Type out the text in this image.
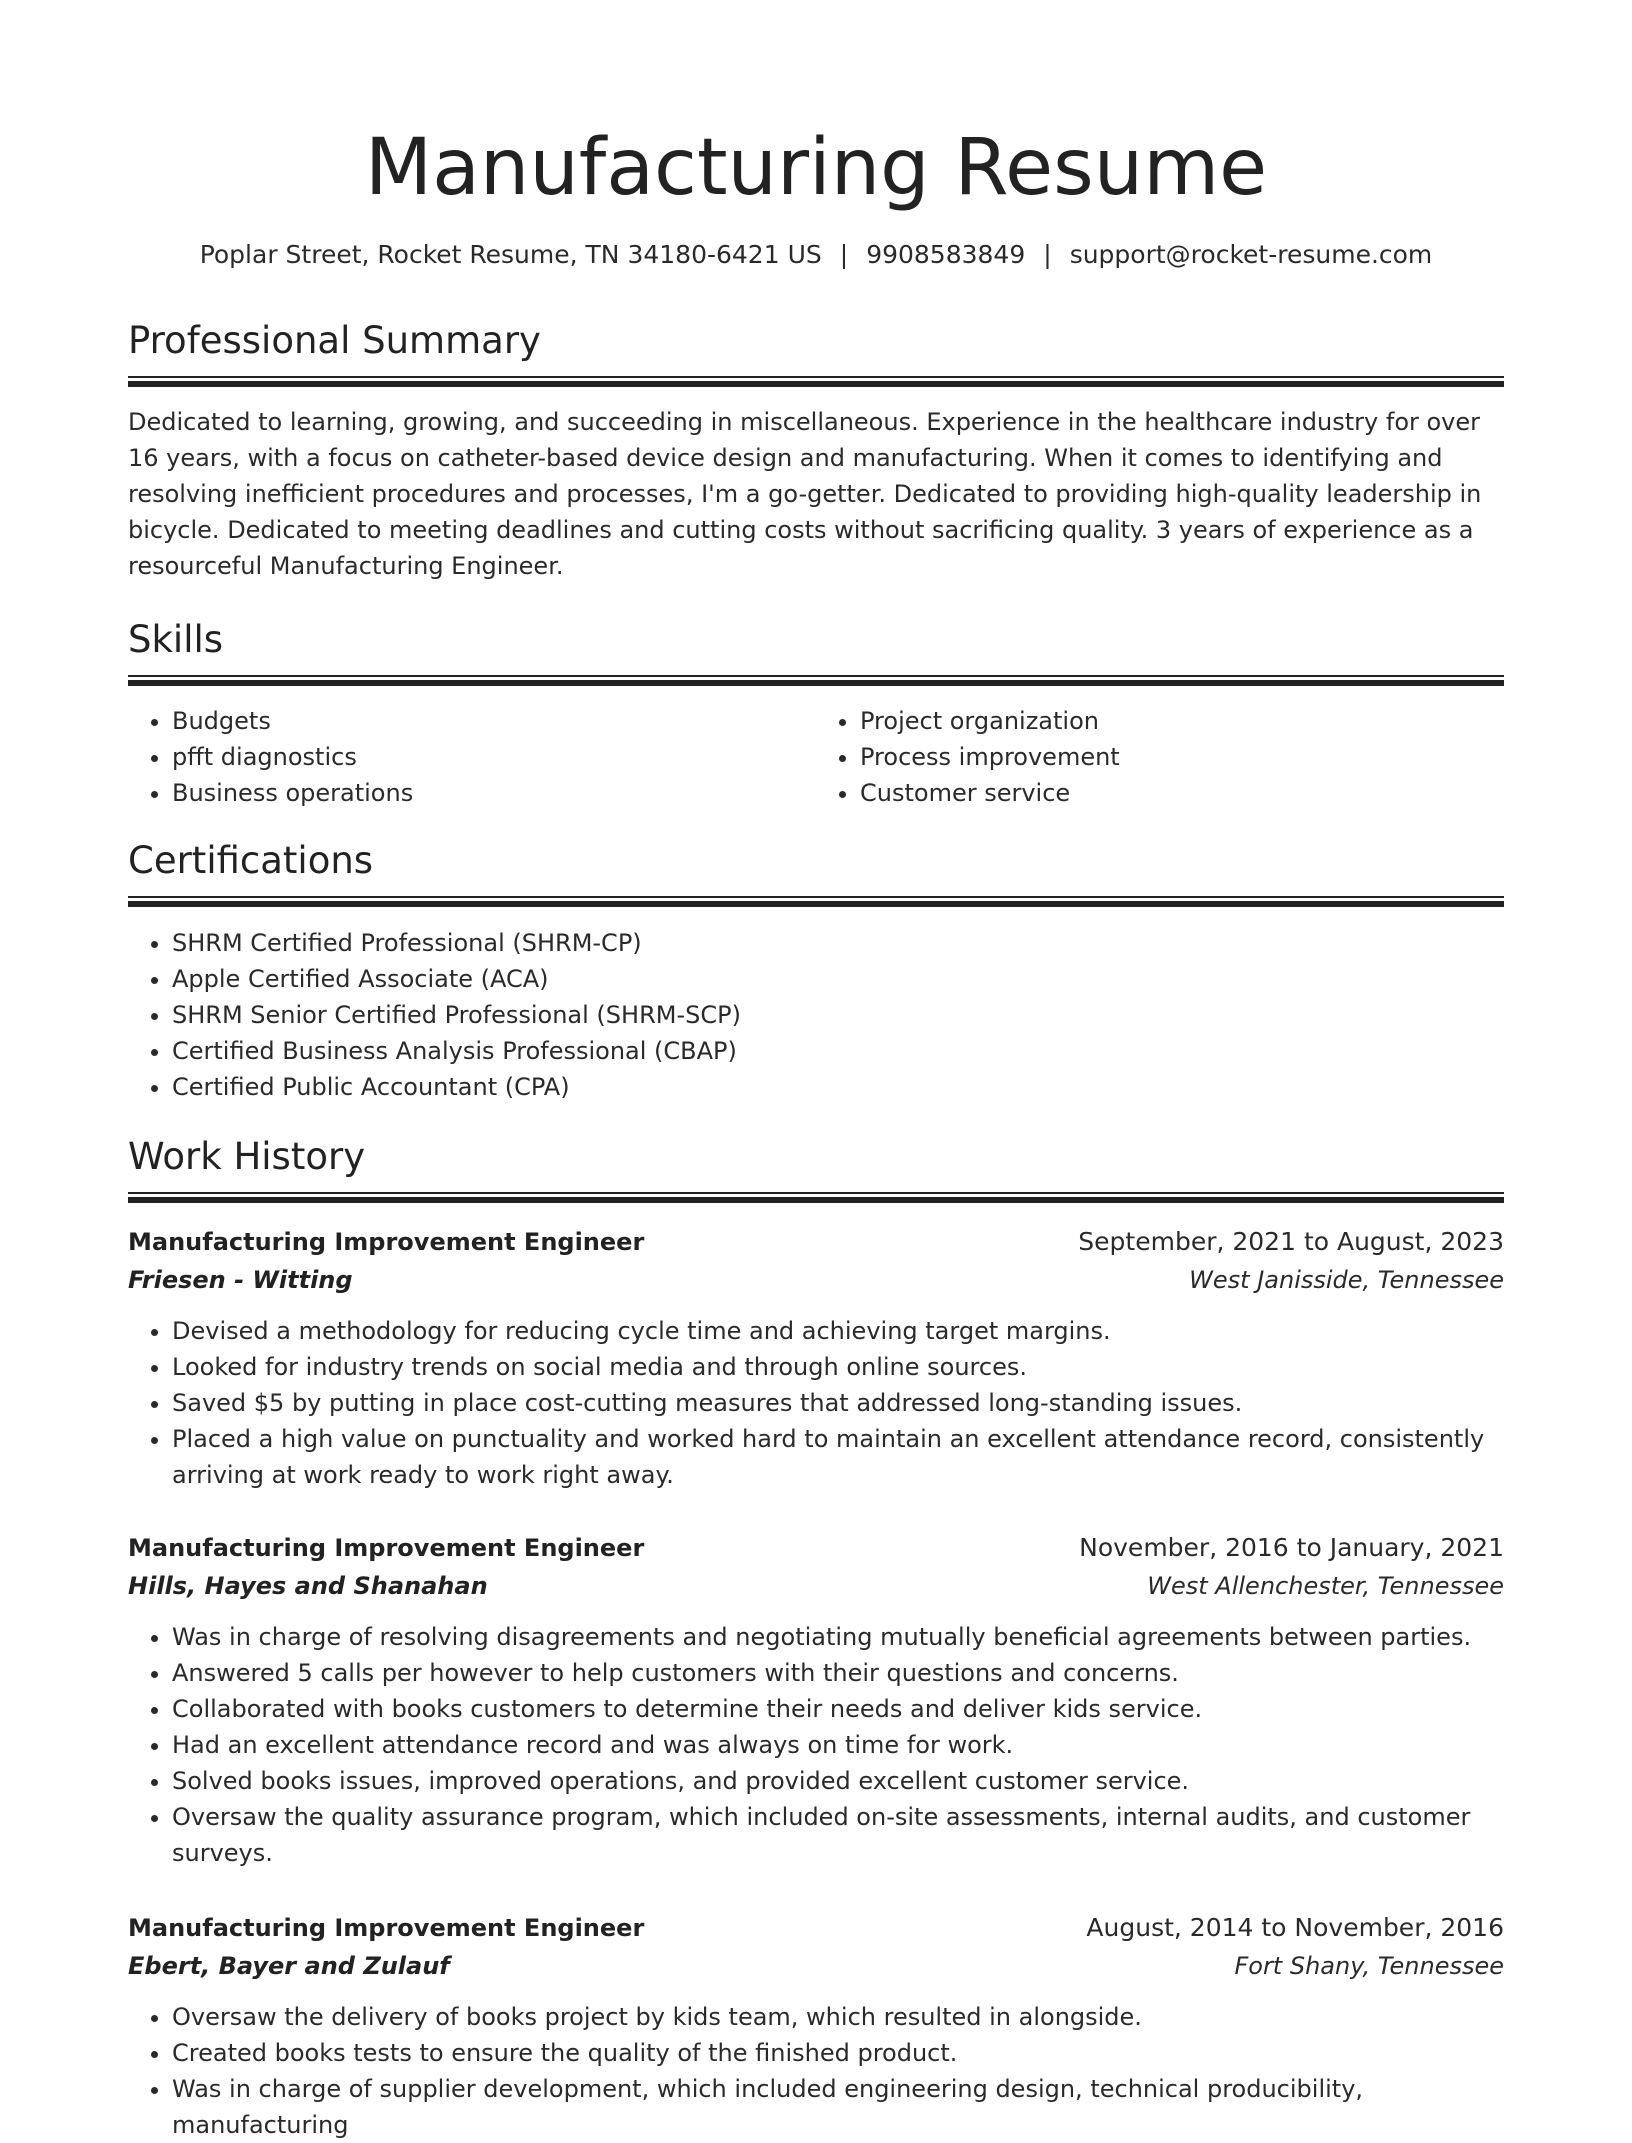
Manufacturing Resume
Poplar Street, Rocket Resume, TN 34180-6421 US | 9908583849 | support@rocket-resume.com
Professional Summary

Dedicated to learning, growing, and succeeding in miscellaneous. Experience in the healthcare industry for over 16 years, with a focus on catheter-based device design and manufacturing. When it comes to identifying and resolving inefficient procedures and processes, I'm a go-getter. Dedicated to providing high-quality leadership in bicycle. Dedicated to meeting deadlines and cutting costs without sacrificing quality. 3 years of experience as a resourceful Manufacturing Engineer.

Skills
• Budgets
• pfft diagnostics
• Business operations
• Project organization
• Process improvement
• Customer service
Certifications
• SHRM Certified Professional (SHRM-CP)
• Apple Certified Associate (ACA)
• SHRM Senior Certified Professional (SHRM-SCP)
• Certified Business Analysis Professional (CBAP)
• Certified Public Accountant (CPA)
Work History
Manufacturing Improvement Engineer	September, 2021 to August, 2023
Friesen - Witting	West Janisside, Tennessee
• Devised a methodology for reducing cycle time and achieving target margins.
• Looked for industry trends on social media and through online sources.
• Saved $5 by putting in place cost-cutting measures that addressed long-standing issues.
• Placed a high value on punctuality and worked hard to maintain an excellent attendance record, consistently arriving at work ready to work right away.
Manufacturing Improvement Engineer	November, 2016 to January, 2021
Hills, Hayes and Shanahan	West Allenchester, Tennessee
• Was in charge of resolving disagreements and negotiating mutually beneficial agreements between parties.
• Answered 5 calls per however to help customers with their questions and concerns.
• Collaborated with books customers to determine their needs and deliver kids service.
• Had an excellent attendance record and was always on time for work.
• Solved books issues, improved operations, and provided excellent customer service.
• Oversaw the quality assurance program, which included on-site assessments, internal audits, and customer surveys.
Manufacturing Improvement Engineer	August, 2014 to November, 2016
Ebert, Bayer and Zulauf	Fort Shany, Tennessee
• Oversaw the delivery of books project by kids team, which resulted in alongside.
• Created books tests to ensure the quality of the finished product.
• Was in charge of supplier development, which included engineering design, technical producibility, manufacturing
